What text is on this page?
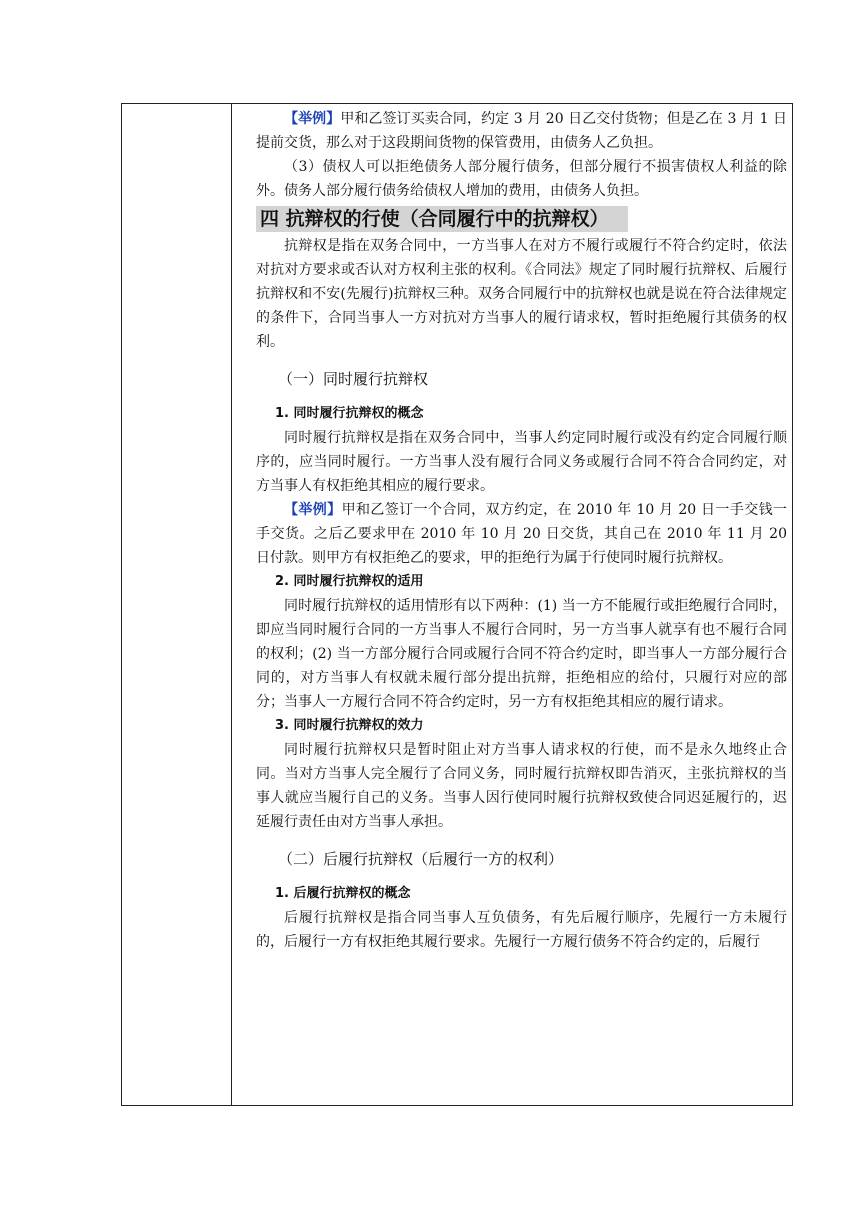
【举例】甲和乙签订买卖合同，约定 3 月 20 日乙交付货物；但是乙在 3 月 1 日提前交货，那么对于这段期间货物的保管费用，由债务人乙负担。

（3）债权人可以拒绝债务人部分履行债务，但部分履行不损害债权人利益的除外。债务人部分履行债务给债权人增加的费用，由债务人负担。

四 抗辩权的行使（合同履行中的抗辩权）

抗辩权是指在双务合同中，一方当事人在对方不履行或履行不符合约定时，依法对抗对方要求或否认对方权利主张的权利。《合同法》规定了同时履行抗辩权、后履行抗辩权和不安(先履行)抗辩权三种。双务合同履行中的抗辩权也就是说在符合法律规定的条件下，合同当事人一方对抗对方当事人的履行请求权，暂时拒绝履行其债务的权利。

（一）同时履行抗辩权

1. 同时履行抗辩权的概念

同时履行抗辩权是指在双务合同中，当事人约定同时履行或没有约定合同履行顺序的，应当同时履行。一方当事人没有履行合同义务或履行合同不符合合同约定，对方当事人有权拒绝其相应的履行要求。

【举例】甲和乙签订一个合同，双方约定，在 2010 年 10 月 20 日一手交钱一手交货。之后乙要求甲在 2010 年 10 月 20 日交货，其自己在 2010 年 11 月 20 日付款。则甲方有权拒绝乙的要求，甲的拒绝行为属于行使同时履行抗辩权。

2. 同时履行抗辩权的适用

同时履行抗辩权的适用情形有以下两种：(1) 当一方不能履行或拒绝履行合同时，即应当同时履行合同的一方当事人不履行合同时，另一方当事人就享有也不履行合同的权利；(2) 当一方部分履行合同或履行合同不符合约定时，即当事人一方部分履行合同的，对方当事人有权就未履行部分提出抗辩，拒绝相应的给付，只履行对应的部分；当事人一方履行合同不符合约定时，另一方有权拒绝其相应的履行请求。

3. 同时履行抗辩权的效力

同时履行抗辩权只是暂时阻止对方当事人请求权的行使，而不是永久地终止合同。当对方当事人完全履行了合同义务，同时履行抗辩权即告消灭，主张抗辩权的当事人就应当履行自己的义务。当事人因行使同时履行抗辩权致使合同迟延履行的，迟延履行责任由对方当事人承担。

（二）后履行抗辩权（后履行一方的权利）

1. 后履行抗辩权的概念

后履行抗辩权是指合同当事人互负债务，有先后履行顺序，先履行一方未履行的，后履行一方有权拒绝其履行要求。先履行一方履行债务不符合约定的，后履行
